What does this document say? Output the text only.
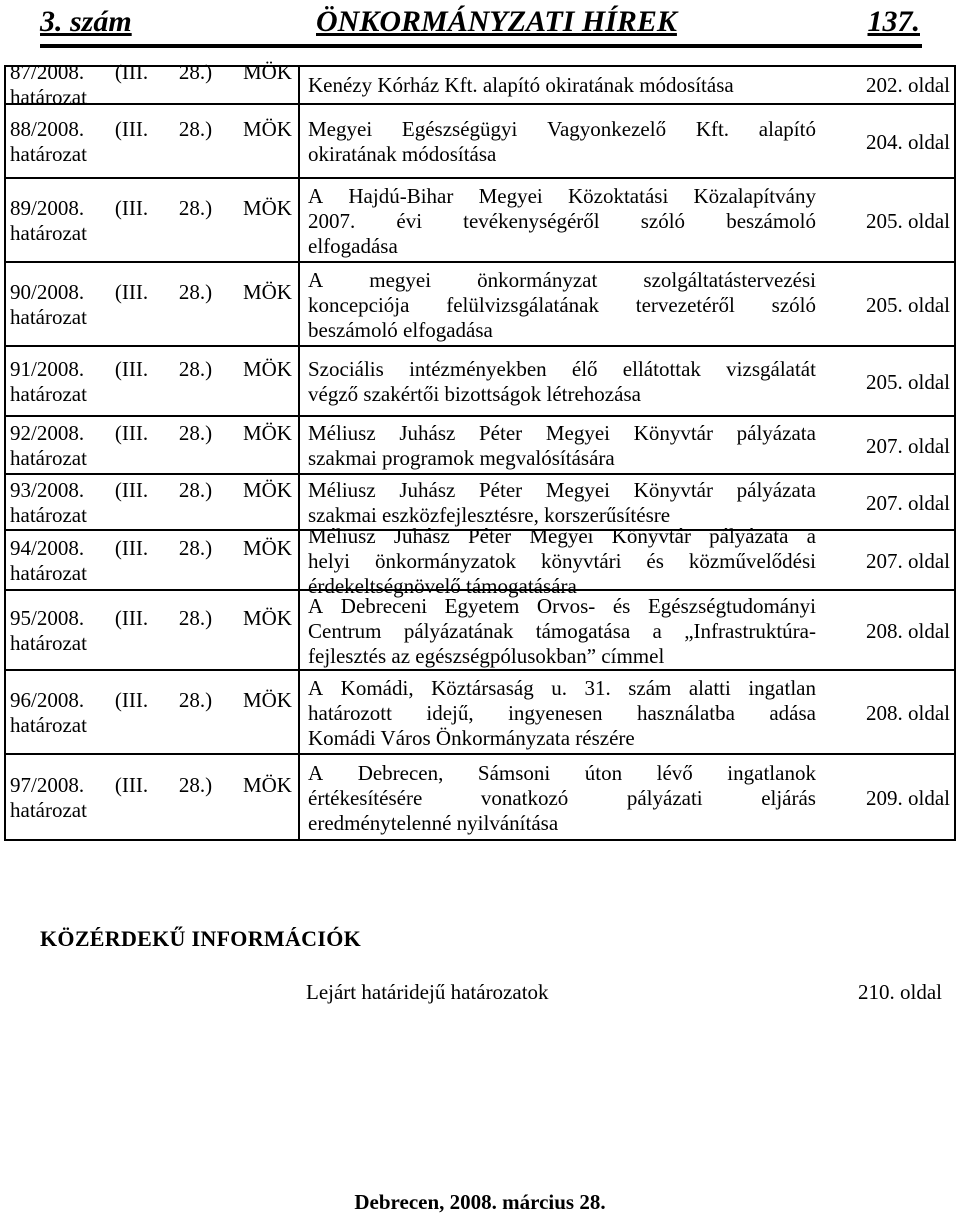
3. szám	ÖNKORMÁNYZATI HÍREK	137.
87/2008. (III. 28.) MÖK
határozat
Kenézy Kórház Kft. alapító okiratának módosítása	202. oldal
88/2008. (III. 28.) MÖK
határozat
Megyei Egészségügyi Vagyonkezelő Kft. alapító
okiratának módosítása
204. oldal
89/2008. (III. 28.) MÖK
határozat
A Hajdú-Bihar Megyei Közoktatási Közalapítvány
2007. évi tevékenységéről szóló beszámoló
elfogadása
205. oldal
90/2008. (III. 28.) MÖK
határozat
A megyei önkormányzat szolgáltatástervezési
koncepciója felülvizsgálatának tervezetéről szóló
beszámoló elfogadása
205. oldal
91/2008. (III. 28.) MÖK
határozat
Szociális intézményekben élő ellátottak vizsgálatát
végző szakértői bizottságok létrehozása
205. oldal
92/2008. (III. 28.) MÖK
határozat
Méliusz Juhász Péter Megyei Könyvtár pályázata
szakmai programok megvalósítására
207. oldal
93/2008. (III. 28.) MÖK
határozat
Méliusz Juhász Péter Megyei Könyvtár pályázata
szakmai eszközfejlesztésre, korszerűsítésre
207. oldal
94/2008. (III. 28.) MÖK
határozat
Méliusz Juhász Péter Megyei Könyvtár pályázata a
helyi önkormányzatok könyvtári és közművelődési
érdekeltségnövelő támogatására
207. oldal
95/2008. (III. 28.) MÖK
határozat
A Debreceni Egyetem Orvos- és Egészségtudományi
Centrum pályázatának támogatása a „Infrastruktúra-
fejlesztés az egészségpólusokban” címmel
208. oldal
96/2008. (III. 28.) MÖK
határozat
A Komádi, Köztársaság u. 31. szám alatti ingatlan
határozott idejű, ingyenesen használatba adása
Komádi Város Önkormányzata részére
208. oldal
97/2008. (III. 28.) MÖK
határozat
A Debrecen, Sámsoni úton lévő ingatlanok
értékesítésére	vonatkozó	pályázati	eljárás
eredménytelenné nyilvánítása
209. oldal
KÖZÉRDEKŰ INFORMÁCIÓK
Lejárt határidejű határozatok	210. oldal
Debrecen, 2008. március 28.
